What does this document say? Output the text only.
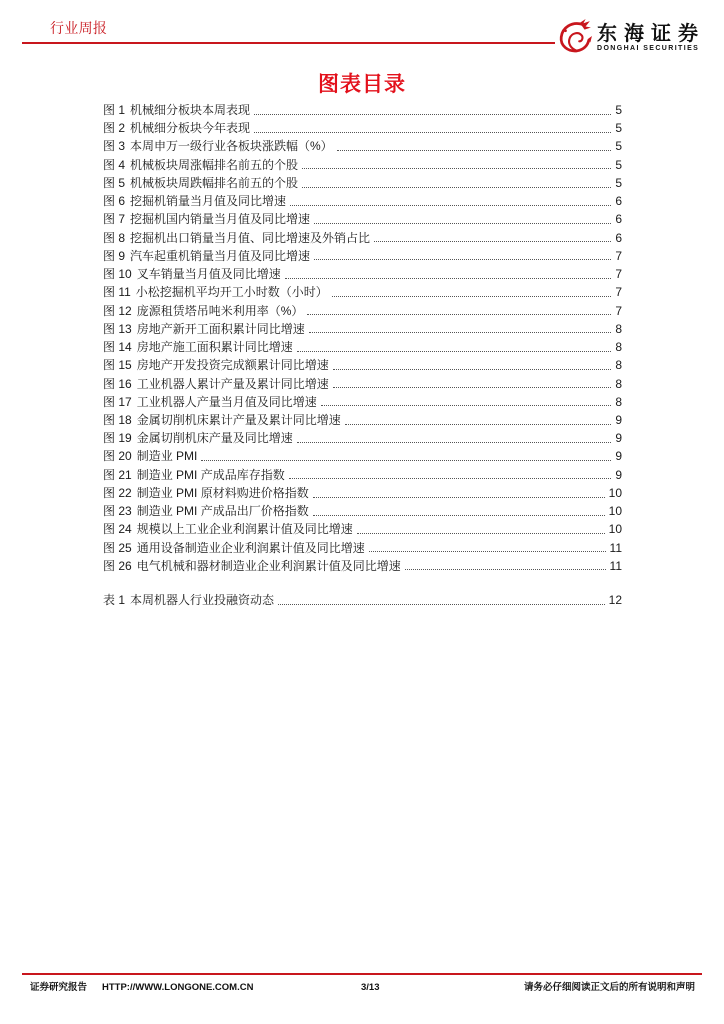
行业周报	东海证券
DONGHAI SECURITIES
图表目录
图 1 机械细分板块本周表现	5
图 2 机械细分板块今年表现	5
图 3 本周申万一级行业各板块涨跌幅（%）	5
图 4 机械板块周涨幅排名前五的个股	5
图 5 机械板块周跌幅排名前五的个股	5
图 6 挖掘机销量当月值及同比增速	6
图 7 挖掘机国内销量当月值及同比增速	6
图 8 挖掘机出口销量当月值、同比增速及外销占比	6
图 9 汽车起重机销量当月值及同比增速	7
图 10 叉车销量当月值及同比增速	7
图 11 小松挖掘机平均开工小时数（小时）	7
图 12 庞源租赁塔吊吨米利用率（%）	7
图 13 房地产新开工面积累计同比增速	8
图 14 房地产施工面积累计同比增速	8
图 15 房地产开发投资完成额累计同比增速	8
图 16 工业机器人累计产量及累计同比增速	8
图 17 工业机器人产量当月值及同比增速	8
图 18 金属切削机床累计产量及累计同比增速	9
图 19 金属切削机床产量及同比增速	9
图 20 制造业 PMI	9
图 21 制造业 PMI 产成品库存指数	9
图 22 制造业 PMI 原材料购进价格指数	10
图 23 制造业 PMI 产成品出厂价格指数	10
图 24 规模以上工业企业利润累计值及同比增速	10
图 25 通用设备制造业企业利润累计值及同比增速	11
图 26 电气机械和器材制造业企业利润累计值及同比增速	11
表 1 本周机器人行业投融资动态	12
证券研究报告 HTTP://WWW.LONGONE.COM.CN	3/13	请务必仔细阅读正文后的所有说明和声明
